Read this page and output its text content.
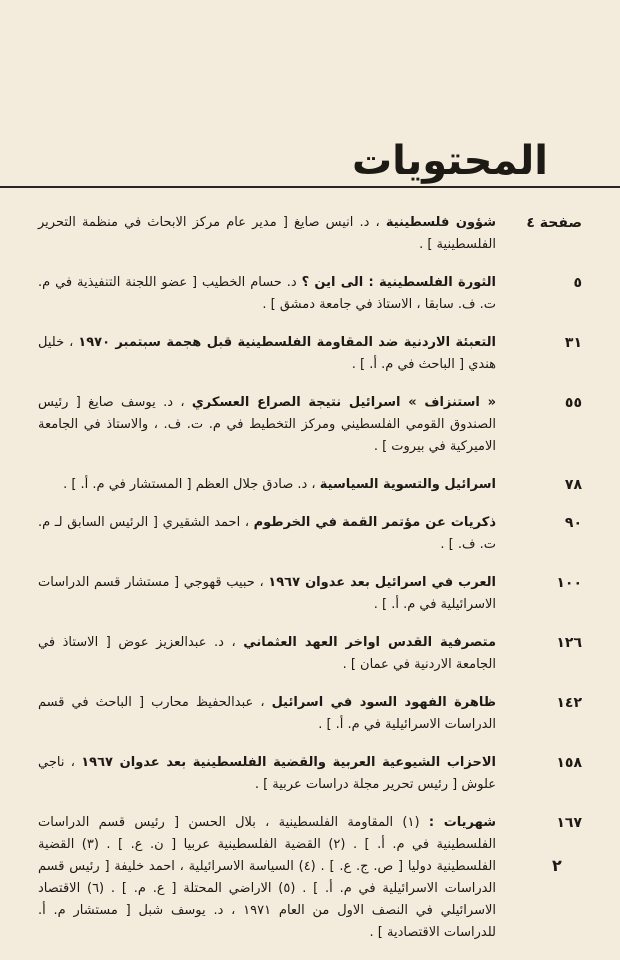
المحتويات
صفحة ٤
شؤون فلسطينية ، د. انيس صايغ [ مدير عام مركز الابحاث في منظمة التحرير الفلسطينية ] .
٥
الثورة الفلسطينية : الى اين ؟ د. حسام الخطيب [ عضو اللجنة التنفيذية في م. ت. ف. سابقا ، الاستاذ في جامعة دمشق ] .
٣١
التعبئة الاردنية ضد المقاومة الفلسطينية قبل هجمة سبتمبر ١٩٧٠ ، خليل هندي [ الباحث في م. أ. ] .
٥٥
« استنزاف » اسرائيل نتيجة الصراع العسكري ، د. يوسف صايغ [ رئيس الصندوق القومي الفلسطيني ومركز التخطيط في م. ت. ف. ، والاستاذ في الجامعة الاميركية في بيروت ] .
٧٨
اسرائيل والتسوية السياسية ، د. صادق جلال العظم [ المستشار في م. أ. ] .
٩٠
ذكريات عن مؤتمر القمة في الخرطوم ، احمد الشقيري [ الرئيس السابق لـ م. ت. ف. ] .
١٠٠
العرب في اسرائيل بعد عدوان ١٩٦٧ ، حبيب قهوجي [ مستشار قسم الدراسات الاسرائيلية في م. أ. ] .
١٢٦
متصرفية القدس اواخر العهد العثماني ، د. عبدالعزيز عوض [ الاستاذ في الجامعة الاردنية في عمان ] .
١٤٢
ظاهرة الفهود السود في اسرائيل ، عبدالحفيظ محارب [ الباحث في قسم الدراسات الاسرائيلية في م. أ. ] .
١٥٨
الاحزاب الشيوعية العربية والقضية الفلسطينية بعد عدوان ١٩٦٧ ، ناجي علوش [ رئيس تحرير مجلة دراسات عربية ] .
١٦٧
شهريات : (١) المقاومة الفلسطينية ، بلال الحسن [ رئيس قسم الدراسات الفلسطينية في م. أ. ] . (٢) القضية الفلسطينية عربيا [ ن. ع. ] . (٣) القضية الفلسطينية دوليا [ ص. ج. ع. ] . (٤) السياسة الاسرائيلية ، احمد خليفة [ رئيس قسم الدراسات الاسرائيلية في م. أ. ] . (٥) الاراضي المحتلة [ ع. م. ] . (٦) الاقتصاد الاسرائيلي في النصف الاول من العام ١٩٧١ ، د. يوسف شبل [ مستشار م. أ. للدراسات الاقتصادية ] .
٢
